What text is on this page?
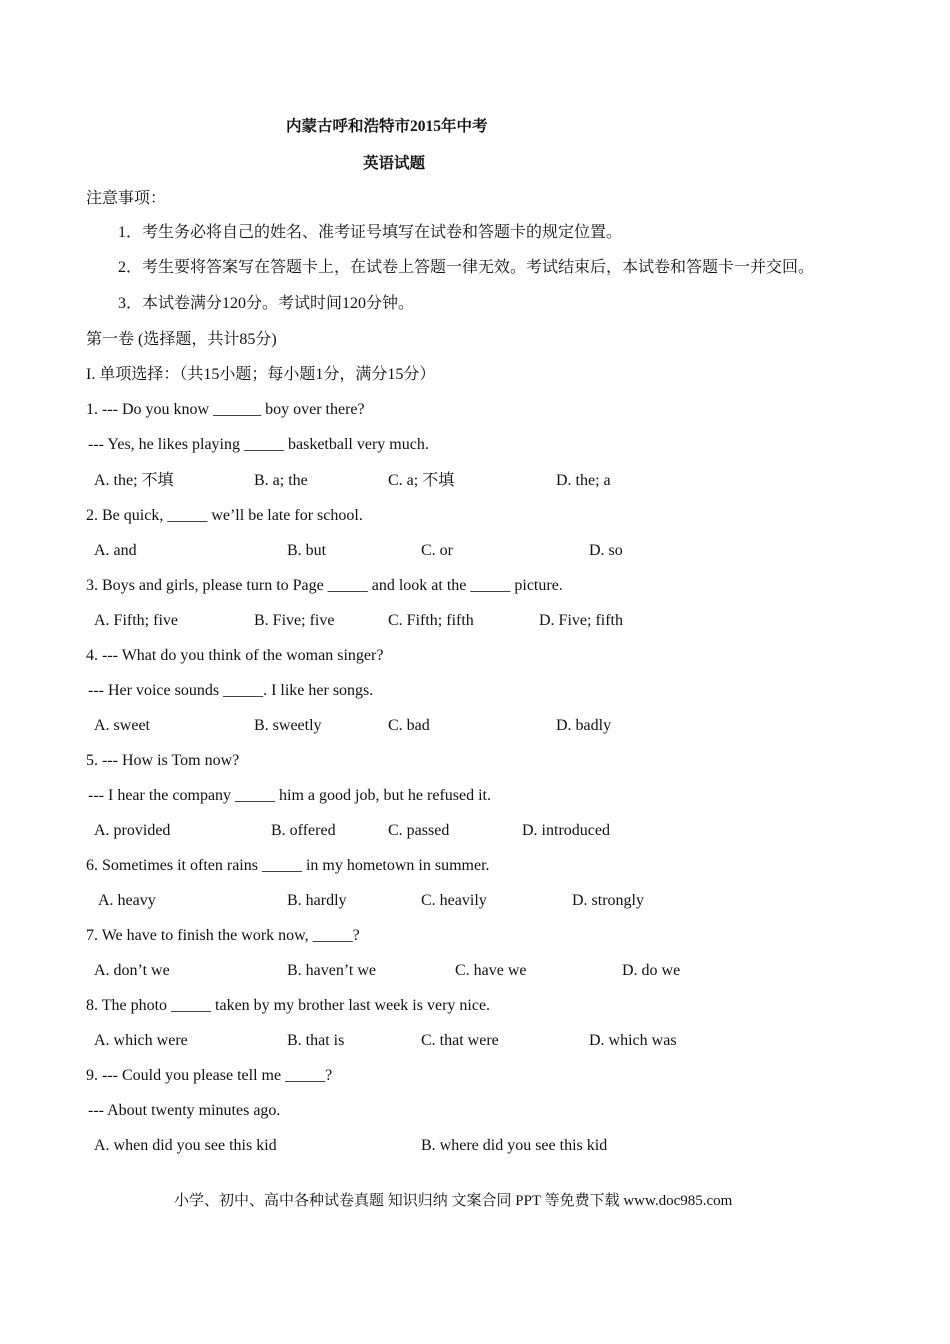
内蒙古呼和浩特市2015年中考
英语试题
注意事项：
1．考生务必将自己的姓名、准考证号填写在试卷和答题卡的规定位置。
2．考生要将答案写在答题卡上，在试卷上答题一律无效。考试结束后，本试卷和答题卡一并交回。
3．本试卷满分120分。考试时间120分钟。
第一卷 (选择题，共计85分)
I. 单项选择：（共15小题；每小题1分，满分15分）
1. --- Do you know ______ boy over there?
--- Yes, he likes playing _____ basketball very much.
A. the; 不填	B. a; the	C. a; 不填	D. the; a
2. Be quick, _____ we’ll be late for school.
A. and	B. but	C. or	D. so
3. Boys and girls, please turn to Page _____ and look at the _____ picture.
A. Fifth; five	B. Five; five	C. Fifth; fifth	D. Five; fifth
4. --- What do you think of the woman singer?
--- Her voice sounds _____. I like her songs.
A. sweet	B. sweetly	C. bad	D. badly
5. --- How is Tom now?
--- I hear the company _____ him a good job, but he refused it.
A. provided	B. offered	C. passed	D. introduced
6. Sometimes it often rains _____ in my hometown in summer.
A. heavy	B. hardly	C. heavily	D. strongly
7. We have to finish the work now, _____?
A. don’t we	B. haven’t we	C. have we	D. do we
8. The photo _____ taken by my brother last week is very nice.
A. which were	B. that is	C. that were	D. which was
9. --- Could you please tell me _____?
--- About twenty minutes ago.
A. when did you see this kid	B. where did you see this kid
小学、初中、高中各种试卷真题 知识归纳 文案合同 PPT 等免费下载 www.doc985.com
